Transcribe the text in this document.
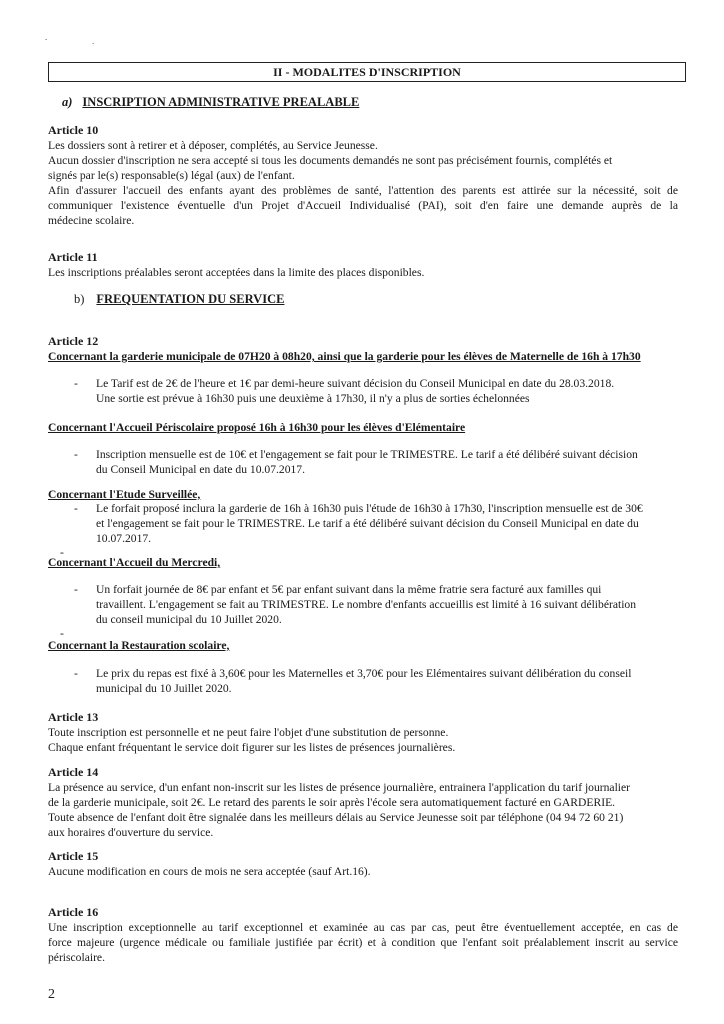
.	.
II - MODALITES D'INSCRIPTION
a) INSCRIPTION ADMINISTRATIVE PREALABLE
Article 10
Les dossiers sont à retirer et à déposer, complétés, au Service Jeunesse.
Aucun dossier d'inscription ne sera accepté si tous les documents demandés ne sont pas précisément fournis, complétés et
signés par le(s) responsable(s) légal (aux) de l'enfant.
Afin d'assurer l'accueil des enfants ayant des problèmes de santé, l'attention des parents est attirée sur la nécessité, soit de
communiquer l'existence éventuelle d'un Projet d'Accueil Individualisé (PAI), soit d'en faire une demande auprès de la
médecine scolaire.
Article 11
Les inscriptions préalables seront acceptées dans la limite des places disponibles.
b) FREQUENTATION DU SERVICE
Article 12
Concernant la garderie municipale de 07H20 à 08h20, ainsi que la garderie pour les élèves de Maternelle de 16h à 17h30
- Le Tarif est de 2€ de l'heure et 1€ par demi-heure suivant décision du Conseil Municipal en date du 28.03.2018.
Une sortie est prévue à 16h30 puis une deuxième à 17h30, il n'y a plus de sorties échelonnées
Concernant l'Accueil Périscolaire proposé 16h à 16h30 pour les élèves d'Elémentaire
- Inscription mensuelle est de 10€ et l'engagement se fait pour le TRIMESTRE. Le tarif a été délibéré suivant décision
du Conseil Municipal en date du 10.07.2017.
Concernant l'Etude Surveillée,
- Le forfait proposé inclura la garderie de 16h à 16h30 puis l'étude de 16h30 à 17h30, l'inscription mensuelle est de 30€
et l'engagement se fait pour le TRIMESTRE. Le tarif a été délibéré suivant décision du Conseil Municipal en date du
10.07.2017.
-
Concernant l'Accueil du Mercredi,
- Un forfait journée de 8€ par enfant et 5€ par enfant suivant dans la même fratrie sera facturé aux familles qui
travaillent. L'engagement se fait au TRIMESTRE. Le nombre d'enfants accueillis est limité à 16 suivant délibération
du conseil municipal du 10 Juillet 2020.
-
Concernant la Restauration scolaire,
- Le prix du repas est fixé à 3,60€ pour les Maternelles et 3,70€ pour les Elémentaires suivant délibération du conseil
municipal du 10 Juillet 2020.
Article 13
Toute inscription est personnelle et ne peut faire l'objet d'une substitution de personne.
Chaque enfant fréquentant le service doit figurer sur les listes de présences journalières.
Article 14
La présence au service, d'un enfant non-inscrit sur les listes de présence journalière, entrainera l'application du tarif journalier
de la garderie municipale, soit 2€. Le retard des parents le soir après l'école sera automatiquement facturé en GARDERIE.
Toute absence de l'enfant doit être signalée dans les meilleurs délais au Service Jeunesse soit par téléphone (04 94 72 60 21)
aux horaires d'ouverture du service.
Article 15
Aucune modification en cours de mois ne sera acceptée (sauf Art.16).
Article 16
Une inscription exceptionnelle au tarif exceptionnel et examinée au cas par cas, peut être éventuellement acceptée, en cas de
force majeure (urgence médicale ou familiale justifiée par écrit) et à condition que l'enfant soit préalablement inscrit au service
périscolaire.
2
